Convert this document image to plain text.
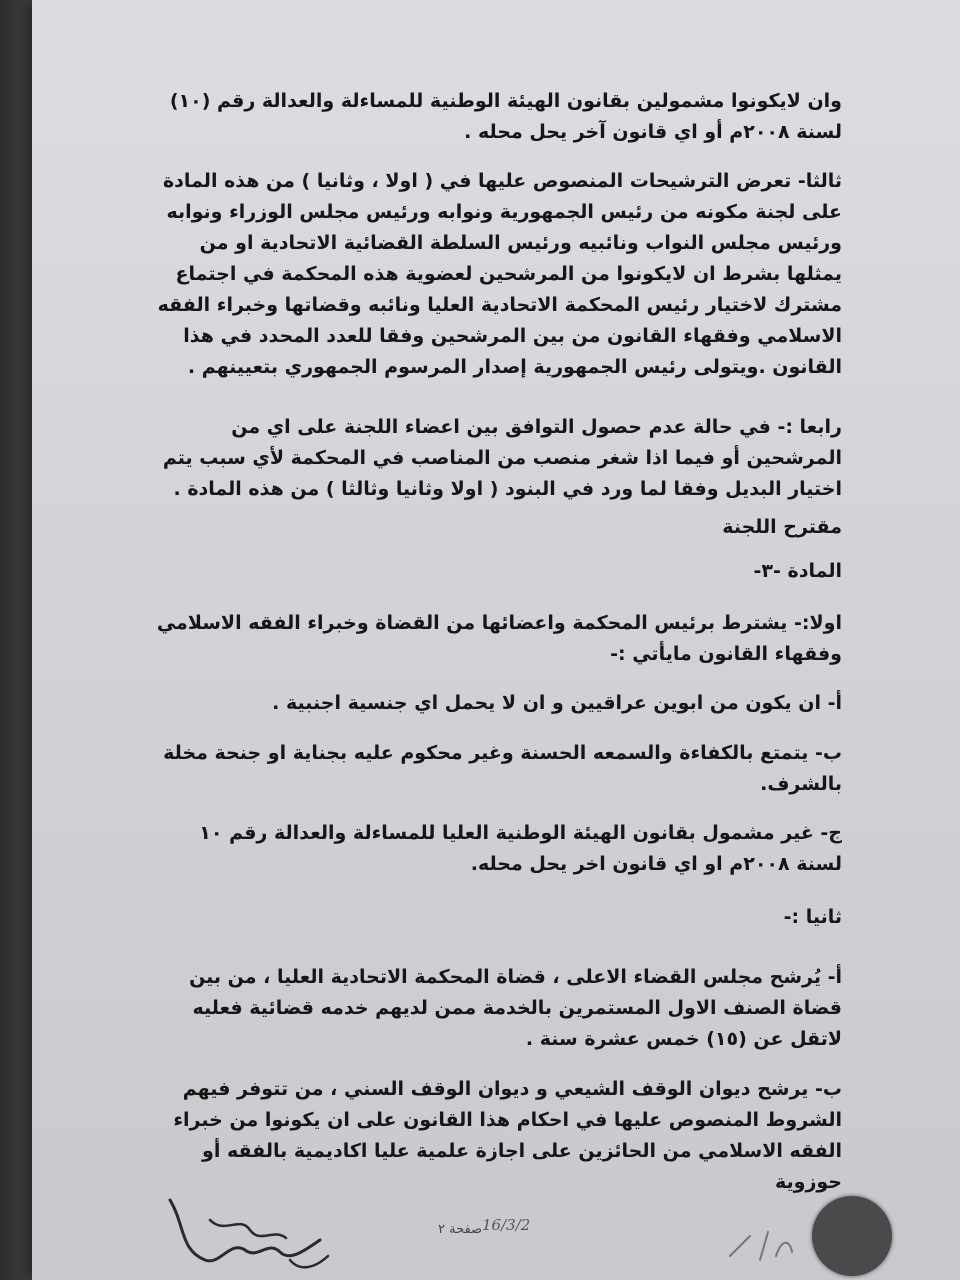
وان لايكونوا مشمولين بقانون الهيئة الوطنية للمساءلة والعدالة رقم (١٠) لسنة ٢٠٠٨م أو اي قانون آخر يحل محله .
ثالثا- تعرض الترشيحات المنصوص عليها في ( اولا ، وثانيا ) من هذه المادة على لجنة مكونه من رئيس الجمهورية ونوابه ورئيس مجلس الوزراء ونوابه ورئيس مجلس النواب ونائبيه ورئيس السلطة القضائية الاتحادية او من يمثلها بشرط ان لايكونوا من المرشحين لعضوية هذه المحكمة في اجتماع مشترك لاختيار رئيس المحكمة الاتحادية العليا ونائبه وقضاتها وخبراء الفقه الاسلامي وفقهاء القانون من بين المرشحين وفقا للعدد المحدد في هذا القانون .ويتولى رئيس الجمهورية إصدار المرسوم الجمهوري بتعيينهم .
رابعا :- في حالة عدم حصول التوافق بين اعضاء اللجنة على اي من المرشحين أو فيما اذا شغر منصب من المناصب في المحكمة لأي سبب يتم اختيار البديل وفقا لما ورد في البنود ( اولا وثانيا وثالثا ) من هذه المادة .
مقترح اللجنة
المادة -٣-
اولا:- يشترط برئيس المحكمة واعضائها من القضاة وخبراء الفقه الاسلامي وفقهاء القانون مايأتي :-
أ- ان يكون من ابوين عراقيين و ان لا يحمل اي جنسية اجنبية .
ب- يتمتع بالكفاءة والسمعه الحسنة وغير محكوم عليه بجناية او جنحة مخلة بالشرف.
ج- غير مشمول بقانون الهيئة الوطنية العليا للمساءلة والعدالة رقم ١٠ لسنة ٢٠٠٨م او اي قانون اخر يحل محله.
ثانيا :-
أ- يُرشح مجلس القضاء الاعلى ، قضاة المحكمة الاتحادية العليا ، من بين قضاة الصنف الاول المستمرين بالخدمة ممن لديهم خدمه قضائية فعليه لاتقل عن (١٥) خمس عشرة سنة .
ب- يرشح ديوان الوقف الشيعي و ديوان الوقف السني ، من تتوفر فيهم الشروط المنصوص عليها في احكام هذا القانون على ان يكونوا من خبراء الفقه الاسلامي من الحائزين على اجازة علمية عليا اكاديمية بالفقه أو حوزوية
صفحة ٢ 16/3/2
